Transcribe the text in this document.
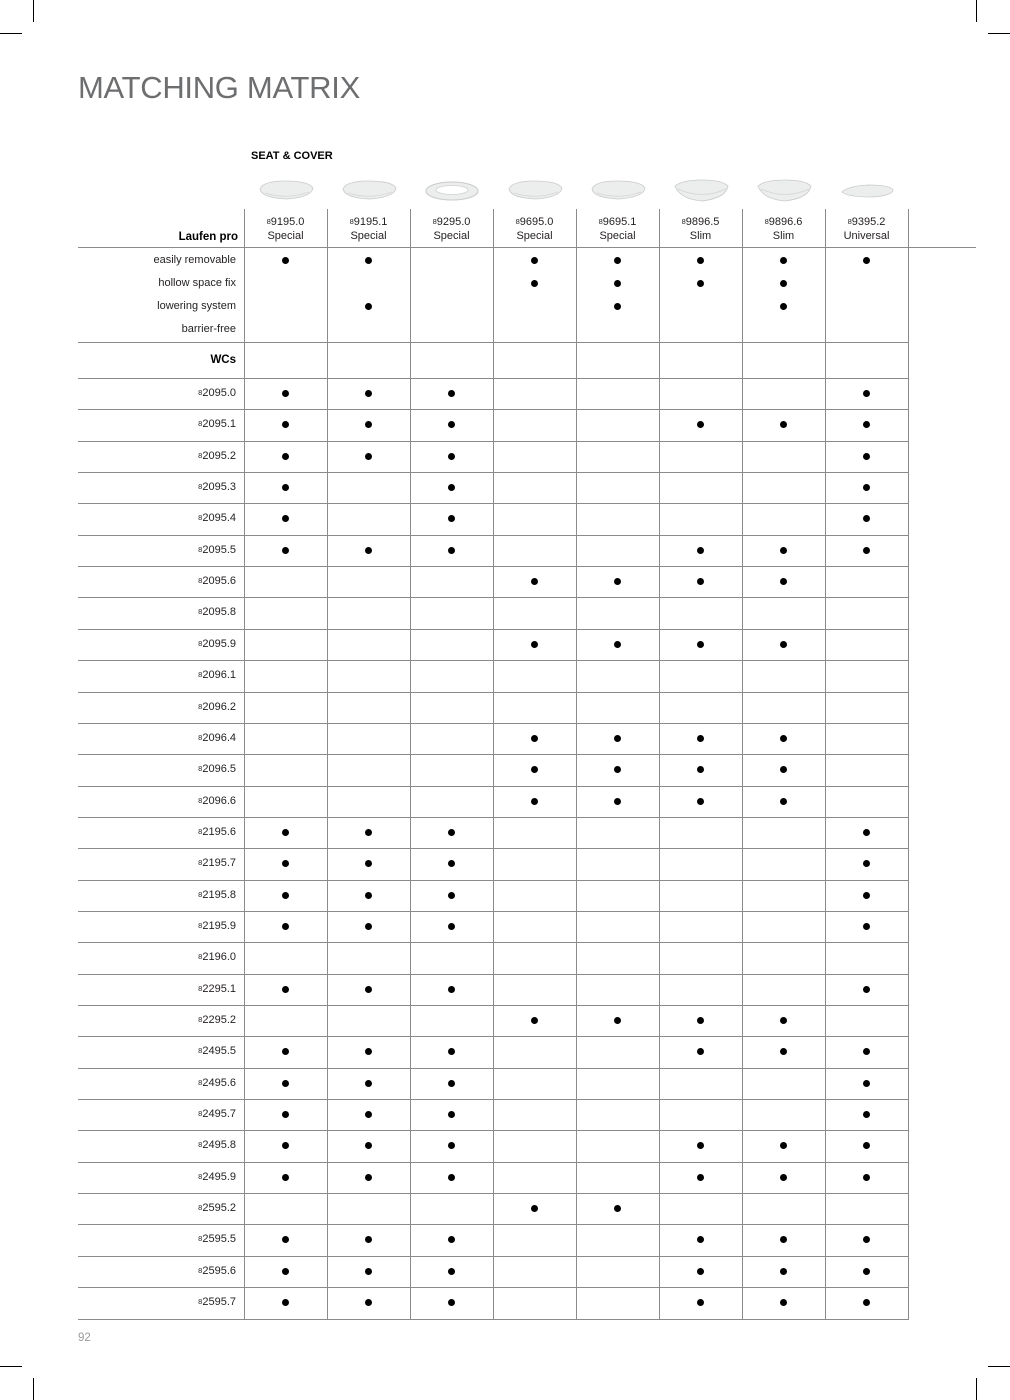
MATCHING MATRIX
SEAT & COVER
Laufen pro
WCs
89195.0
Special
89195.1
Special
89295.0
Special
89695.0
Special
89695.1
Special
89896.5
Slim
89896.6
Slim
89395.2
Universal
easily removable
hollow space fix
lowering system
barrier-free
82095.0
82095.1
82095.2
82095.3
82095.4
82095.5
82095.6
82095.8
82095.9
82096.1
82096.2
82096.4
82096.5
82096.6
82195.6
82195.7
82195.8
82195.9
82196.0
82295.1
82295.2
82495.5
82495.6
82495.7
82495.8
82495.9
82595.2
82595.5
82595.6
82595.7
92
